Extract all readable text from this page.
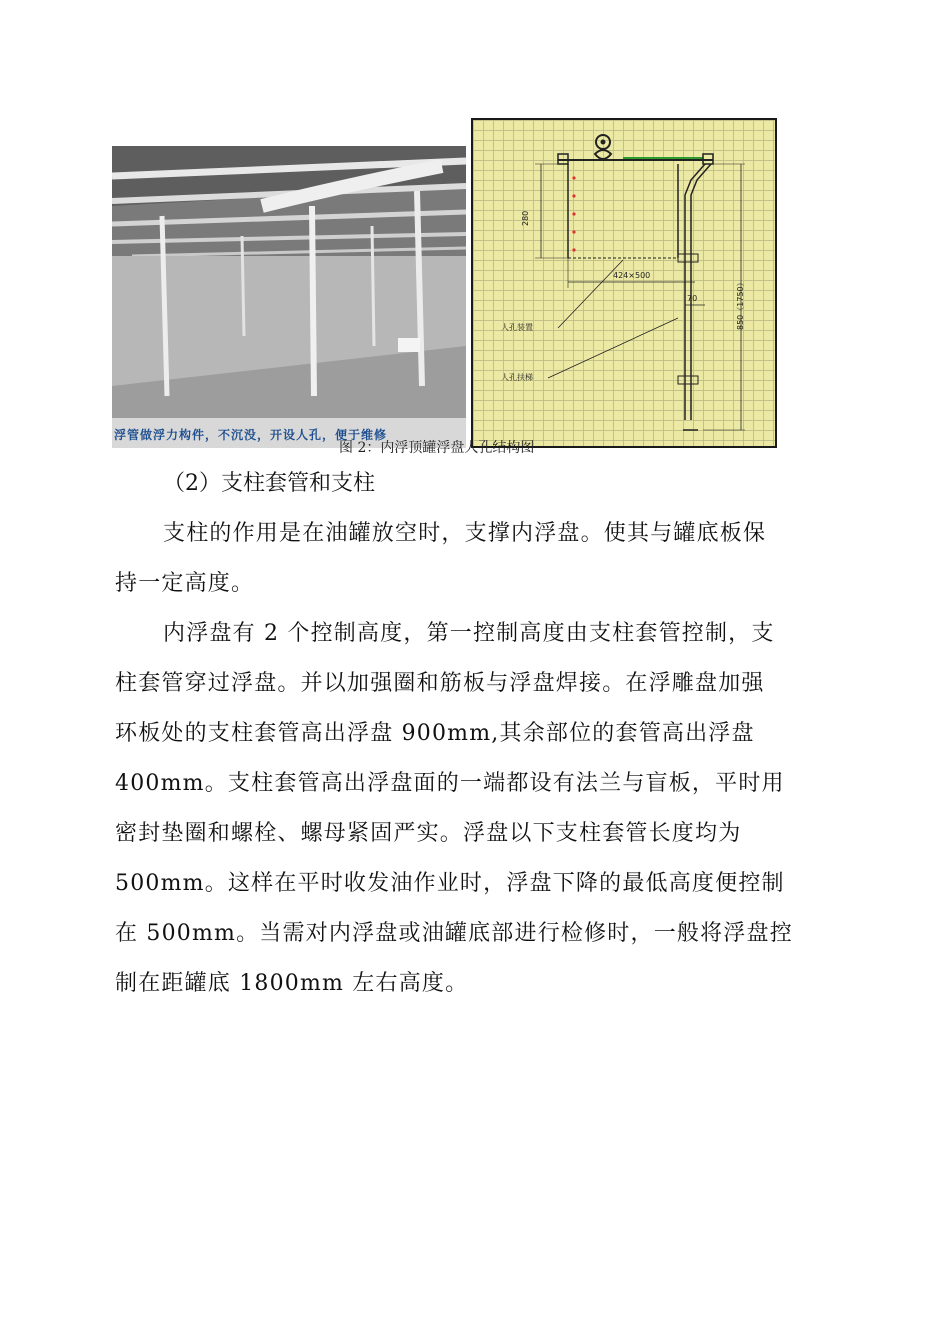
浮管做浮力构件，不沉没，开设人孔，便于维修
280
424×500
70	850（1750）
人孔装置
人孔扶梯
图 2：内浮顶罐浮盘人孔结构图
（2）支柱套管和支柱
支柱的作用是在油罐放空时，支撑内浮盘。使其与罐底板保
持一定高度。
内浮盘有 2 个控制高度，第一控制高度由支柱套管控制，支
柱套管穿过浮盘。并以加强圈和筋板与浮盘焊接。在浮雕盘加强
环板处的支柱套管高出浮盘 900mm,其余部位的套管高出浮盘
400mm。支柱套管高出浮盘面的一端都设有法兰与盲板，平时用
密封垫圈和螺栓、螺母紧固严实。浮盘以下支柱套管长度均为
500mm。这样在平时收发油作业时，浮盘下降的最低高度便控制
在 500mm。当需对内浮盘或油罐底部进行检修时，一般将浮盘控
制在距罐底 1800mm 左右高度。
